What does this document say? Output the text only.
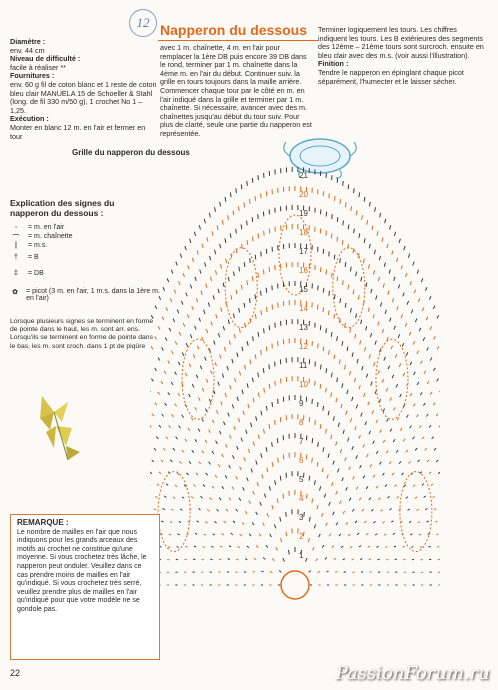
12 Napperon du dessous
Diamètre :
env. 44 cm
Niveau de difficulté :
facile à réaliser **
Fournitures :
env. 60 g fil de coton blanc et 1 reste de coton bleu clair MANUELA 15 de Schoeller & Stahl (long. de fil 330 m/50 g), 1 crochet No 1 – 1,25.
Exécution :
Monter en blanc 12 m. en l'air et fermer en tour
avec 1 m. chaînette, 4 m. en l'air pour remplacer la 1ère DB puis encore 39 DB dans le rond, terminer par 1 m. chaînette dans la 4ème m. en l'air du début. Continuer suiv. la grille en tours toujours dans la maille arrière. Commencer chaque tour par le côté en m. en l'air indiqué dans la grille et terminer par 1 m. chaînette. Si nécessaire, avancer avec des m. chaînettes jusqu'au début du tour suiv. Pour plus de clarté, seule une partie du napperon est représentée.
Terminer logiquement les tours. Les chiffres indiquent les tours. Les B extérieures des segments des 12ème – 21ème tours sont surcroch. ensuite en bleu clair avec des m.s. (voir aussi l'illustration).
Finition :
Tendre le napperon en épinglant chaque picot séparément, l'humecter et le laisser sécher.
Grille du napperon du dessous
Explication des signes du napperon du dessous :
◦	= m. en l'air
⌒	= m. chaînette
|	= m.s.
†	= B
‡	= DB
✿	= picot (3 m. en l'air, 1 m.s. dans la 1ère m. en l'air)
Lorsque plusieurs signes se terminent en forme de pointe dans le haut, les m. sont arr. ens. Lorsqu'ils se terminent en forme de pointe dans le bas, les m. sont croch. dans 1 pt de piqûre
21
20
19
18
17
16
15
14
13
12
11
10
9
8
7
6
5
4
3
2
1
REMARQUE :
Le nombre de mailles en l'air que nous indiquons pour les grands arceaux des motifs au crochet ne constitue qu'une moyenne. Si vous crochetez très lâche, le napperon peut onduler. Veuillez dans ce cas prendre moins de mailles en l'air qu'indiqué. Si vous crochetez très serré, veuillez prendre plus de mailles en l'air qu'indiqué pour que votre modèle ne se gondole pas.
22	PassionForum.ru
